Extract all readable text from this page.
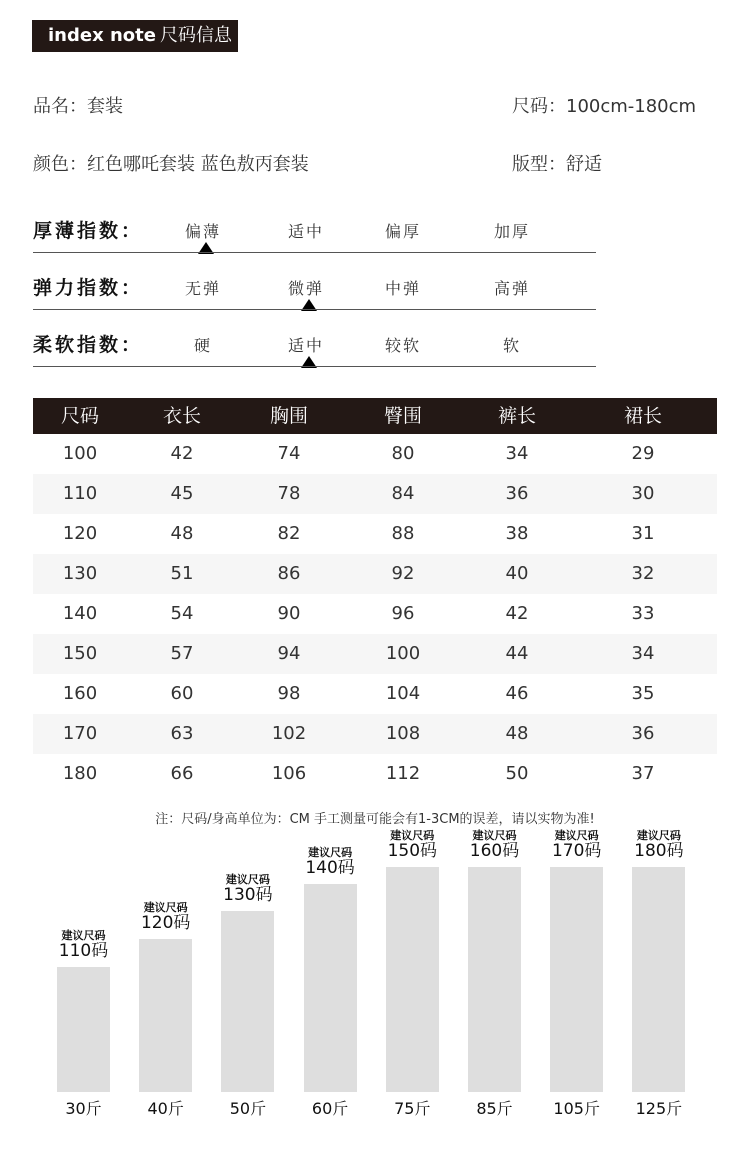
index note 尺码信息
品名：套装	尺码：100cm-180cm
颜色：红色哪吒套装 蓝色敖丙套装	版型：舒适
厚薄指数：	偏薄	适中	偏厚	加厚
弹力指数：	无弹	微弹	中弹	高弹
柔软指数：	硬	适中	较软	软
尺码	衣长	胸围	臀围	裤长	裙长
100	42	74	80	34	29
110	45	78	84	36	30
120	48	82	88	38	31
130	51	86	92	40	32
140	54	90	96	42	33
150	57	94	100	44	34
160	60	98	104	46	35
170	63	102	108	48	36
180	66	106	112	50	37
注：尺码/身高单位为：CM 手工测量可能会有1-3CM的误差，请以实物为准!
建议尺码
110码
30斤
建议尺码
120码
40斤
建议尺码
130码
50斤
建议尺码
140码
60斤
建议尺码
150码
75斤
建议尺码
160码
85斤
建议尺码
170码
105斤
建议尺码
180码
125斤
